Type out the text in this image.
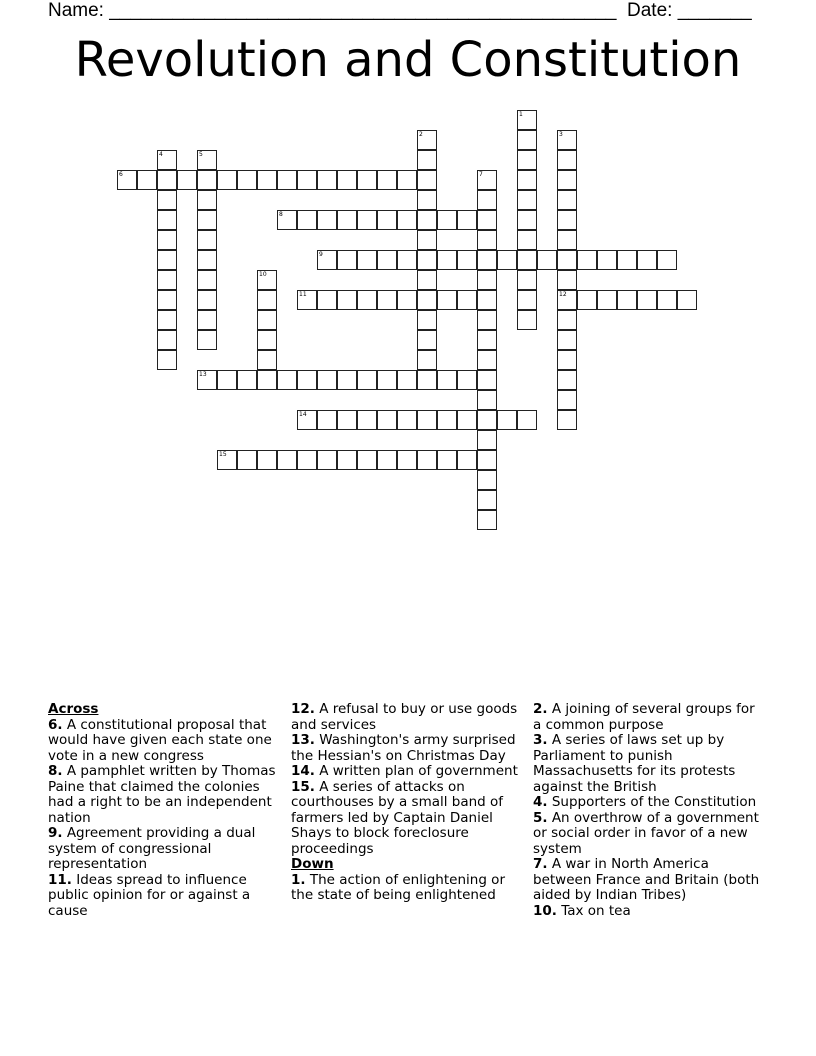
Name: ________________________________________________ Date: _______
Revolution and Constitution
1
2	3
12
4	5
6	7
8
9
10
11
13
14
15
Across
6. A constitutional proposal that would have given each state one vote in a new congress
8. A pamphlet written by Thomas Paine that claimed the colonies had a right to be an independent nation
9. Agreement providing a dual system of congressional representation
11. Ideas spread to influence public opinion for or against a cause
12. A refusal to buy or use goods and services
13. Washington's army surprised the Hessian's on Christmas Day
14. A written plan of government
15. A series of attacks on courthouses by a small band of farmers led by Captain Daniel Shays to block foreclosure proceedings
Down
1. The action of enlightening or the state of being enlightened
2. A joining of several groups for a common purpose
3. A series of laws set up by Parliament to punish Massachusetts for its protests against the British
4. Supporters of the Constitution
5. An overthrow of a government or social order in favor of a new system
7. A war in North America between France and Britain (both aided by Indian Tribes)
10. Tax on tea
